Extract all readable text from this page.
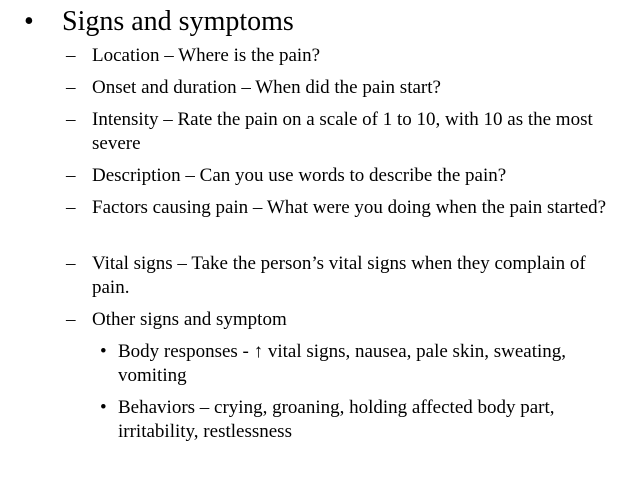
• Signs and symptoms
– Location – Where is the pain?
– Onset and duration – When did the pain start?
– Intensity – Rate the pain on a scale of 1 to 10, with 10 as the most severe
– Description – Can you use words to describe the pain?
– Factors causing pain – What were you doing when the pain started?
– Vital signs – Take the person’s vital signs when they complain of pain.
– Other signs and symptom
• Body responses - ↑ vital signs, nausea, pale skin, sweating, vomiting
• Behaviors – crying, groaning, holding affected body part, irritability, restlessness
